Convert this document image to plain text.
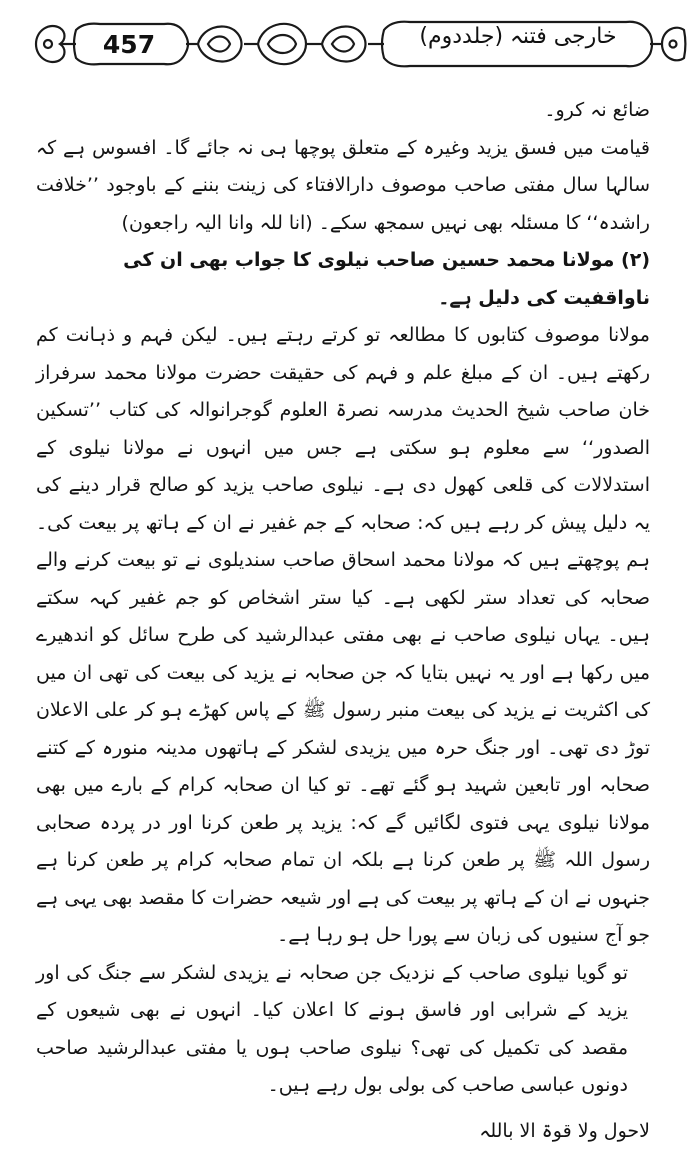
457	خارجی فتنہ (جلددوم)

ضائع نہ کرو۔

قیامت میں فسق یزید وغیرہ کے متعلق پوچھا ہی نہ جائے گا۔ افسوس ہے کہ سالہا سال مفتی صاحب موصوف دارالافتاء کی زینت بننے کے باوجود ’’خلافت راشدہ‘‘ کا مسئلہ بھی نہیں سمجھ سکے۔ (انا للہ وانا الیہ راجعون)

(۲) مولانا محمد حسین صاحب نیلوی کا جواب بھی ان کی ناواقفیت کی دلیل ہے۔

مولانا موصوف کتابوں کا مطالعہ تو کرتے رہتے ہیں۔ لیکن فہم و ذہانت کم رکھتے ہیں۔ ان کے مبلغ علم و فہم کی حقیقت حضرت مولانا محمد سرفراز خان صاحب شیخ الحدیث مدرسہ نصرۃ العلوم گوجرانوالہ کی کتاب ’’تسکین الصدور‘‘ سے معلوم ہو سکتی ہے جس میں انہوں نے مولانا نیلوی کے استدلالات کی قلعی کھول دی ہے۔ نیلوی صاحب یزید کو صالح قرار دینے کی یہ دلیل پیش کر رہے ہیں کہ: صحابہ کے جم غفیر نے ان کے ہاتھ پر بیعت کی۔ ہم پوچھتے ہیں کہ مولانا محمد اسحاق صاحب سندیلوی نے تو بیعت کرنے والے صحابہ کی تعداد ستر لکھی ہے۔ کیا ستر اشخاص کو جم غفیر کہہ سکتے ہیں۔ یہاں نیلوی صاحب نے بھی مفتی عبدالرشید کی طرح سائل کو اندھیرے میں رکھا ہے اور یہ نہیں بتایا کہ جن صحابہ نے یزید کی بیعت کی تھی ان میں کی اکثریت نے یزید کی بیعت منبر رسول ﷺ کے پاس کھڑے ہو کر علی الاعلان توڑ دی تھی۔ اور جنگ حرہ میں یزیدی لشکر کے ہاتھوں مدینہ منورہ کے کتنے صحابہ اور تابعین شہید ہو گئے تھے۔ تو کیا ان صحابہ کرام کے بارے میں بھی مولانا نیلوی یہی فتوی لگائیں گے کہ: یزید پر طعن کرنا اور در پردہ صحابی رسول اللہ ﷺ پر طعن کرنا ہے بلکہ ان تمام صحابہ کرام پر طعن کرنا ہے جنہوں نے ان کے ہاتھ پر بیعت کی ہے اور شیعہ حضرات کا مقصد بھی یہی ہے جو آج سنیوں کی زبان سے پورا حل ہو رہا ہے۔

تو گویا نیلوی صاحب کے نزدیک جن صحابہ نے یزیدی لشکر سے جنگ کی اور یزید کے شرابی اور فاسق ہونے کا اعلان کیا۔ انہوں نے بھی شیعوں کے مقصد کی تکمیل کی تھی؟ نیلوی صاحب ہوں یا مفتی عبدالرشید صاحب دونوں عباسی صاحب کی بولی بول رہے ہیں۔

لاحول ولا قوۃ الا باللہ
